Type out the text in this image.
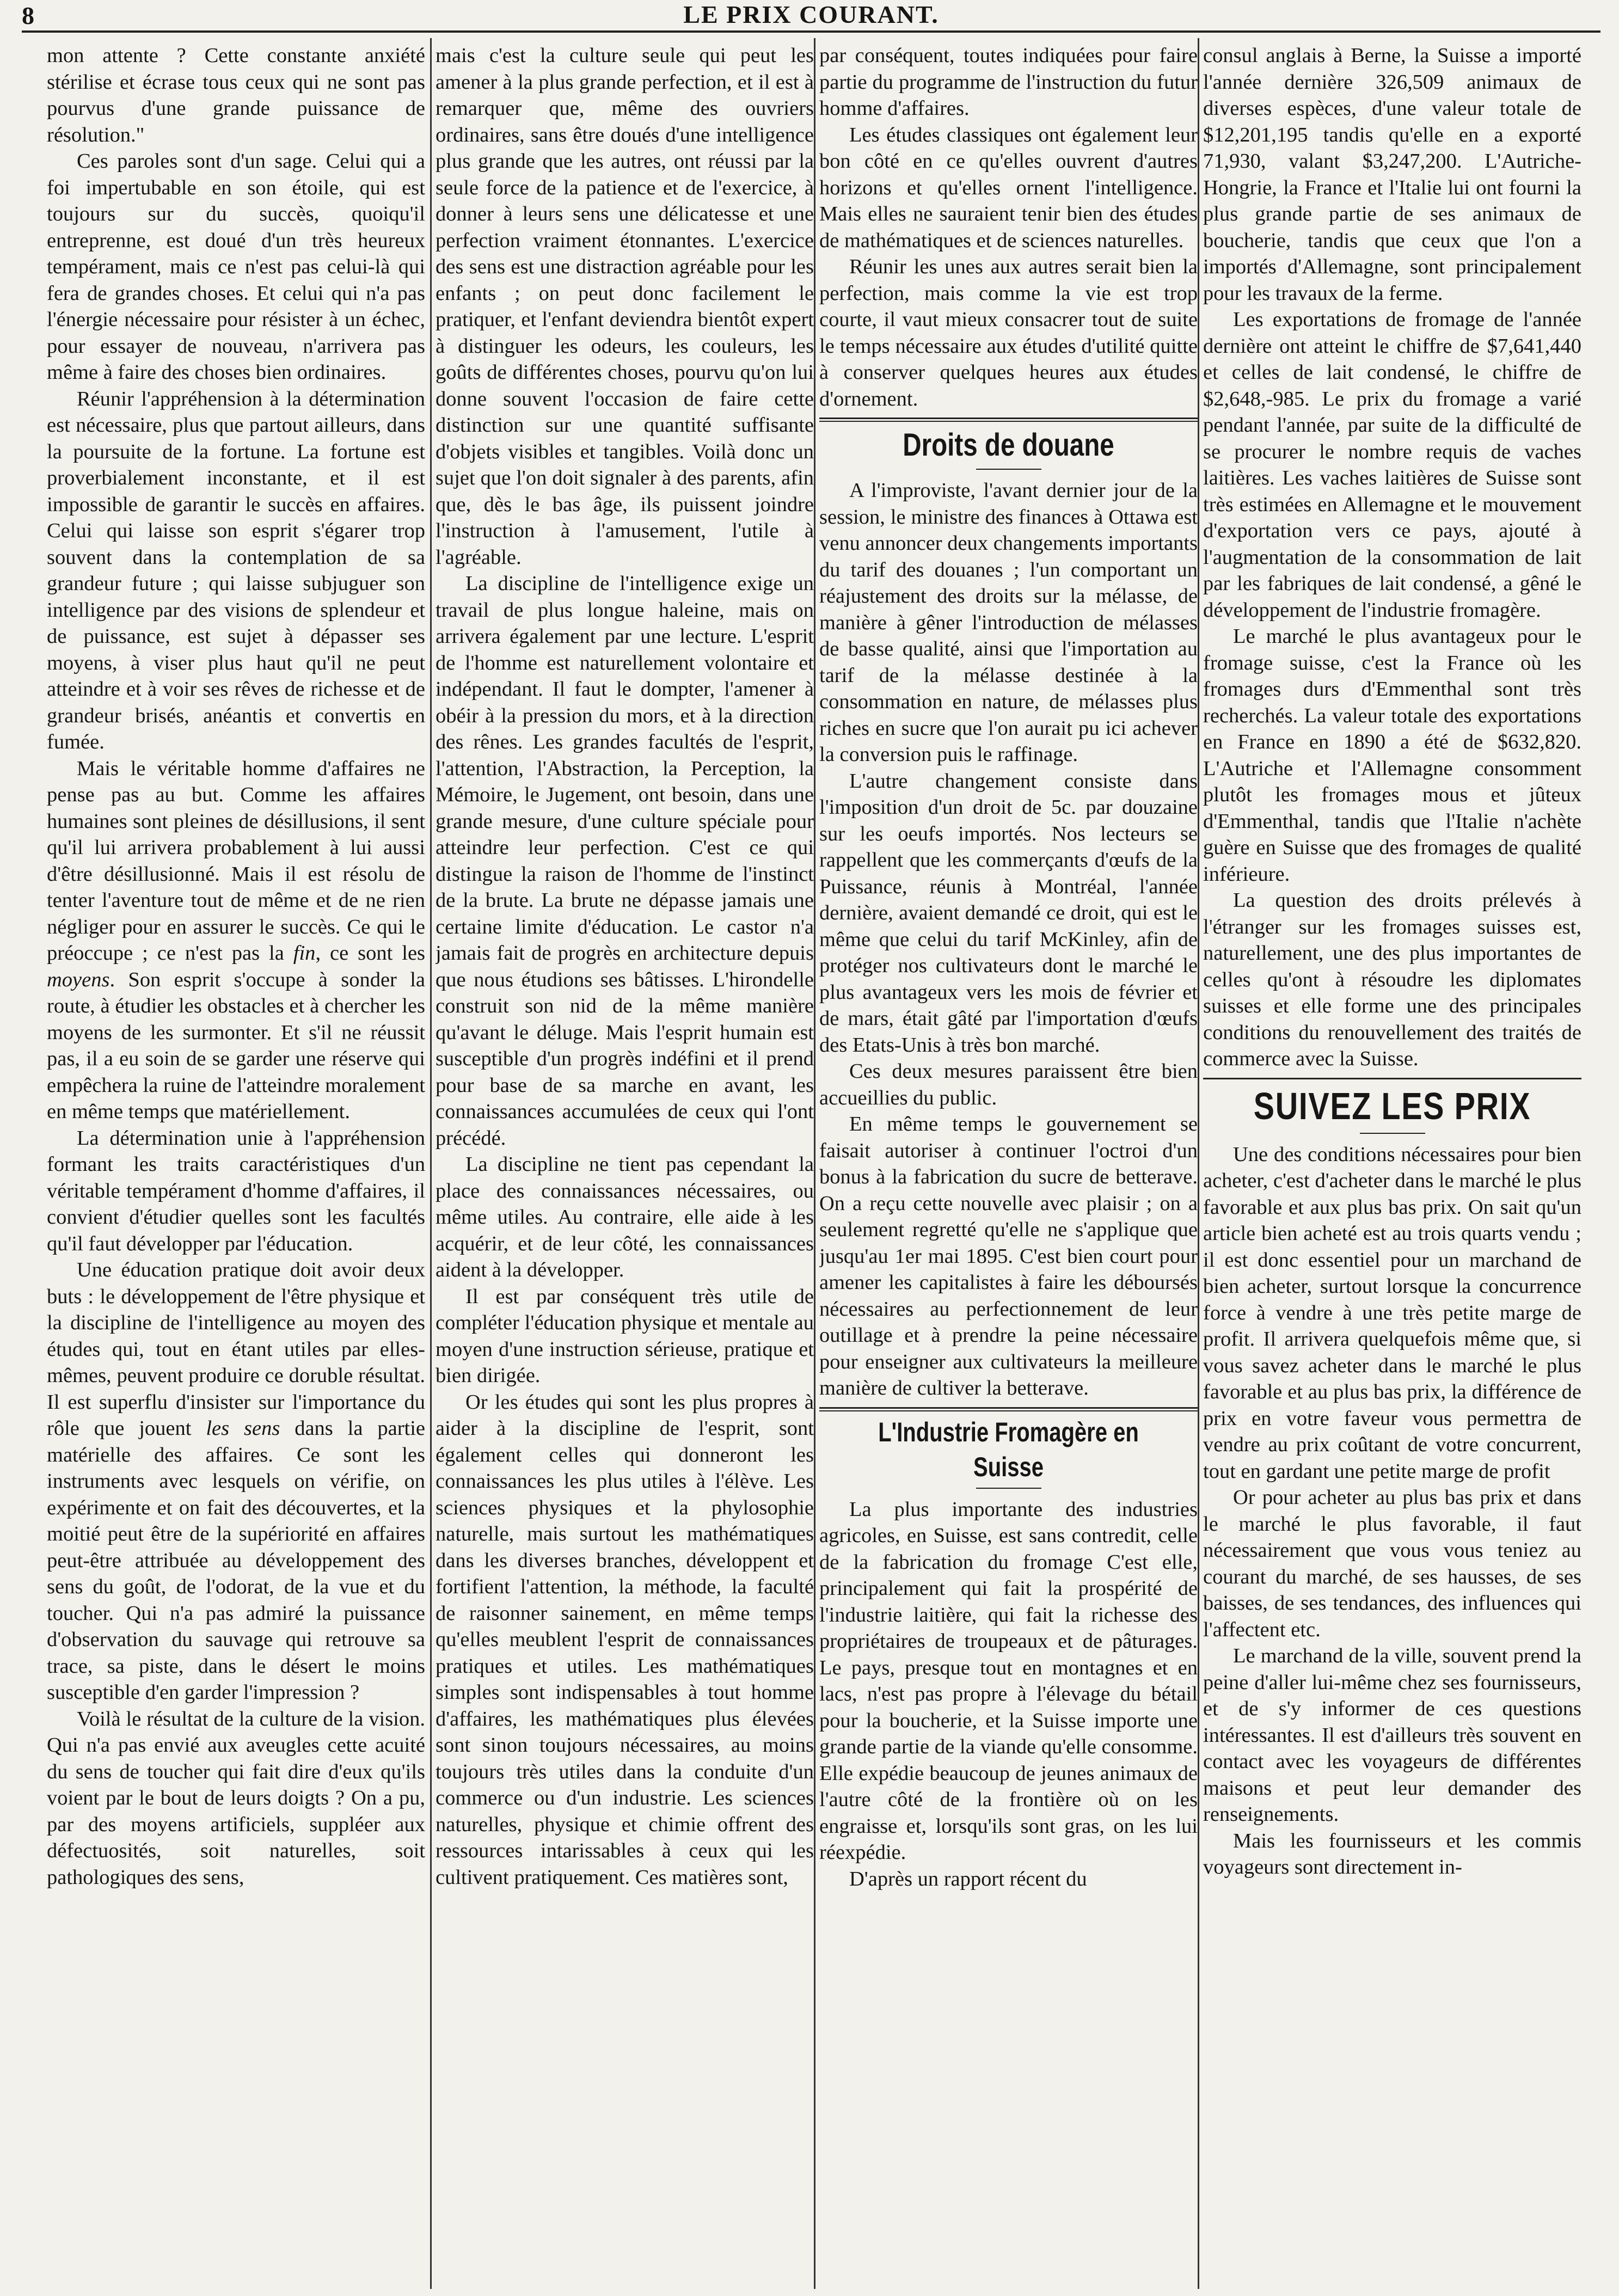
8	LE PRIX COURANT.

mon attente ? Cette constante anxiété stérilise et écrase tous ceux qui ne sont pas pourvus d'une grande puissance de résolution."

Ces paroles sont d'un sage. Celui qui a foi impertubable en son étoile, qui est toujours sur du succès, quoiqu'il entreprenne, est doué d'un très heureux tempérament, mais ce n'est pas celui-là qui fera de grandes choses. Et celui qui n'a pas l'énergie nécessaire pour résister à un échec, pour essayer de nouveau, n'arrivera pas même à faire des choses bien ordinaires.

Réunir l'appréhension à la détermination est nécessaire, plus que partout ailleurs, dans la poursuite de la fortune. La fortune est proverbialement inconstante, et il est impossible de garantir le succès en affaires. Celui qui laisse son esprit s'égarer trop souvent dans la contemplation de sa grandeur future ; qui laisse subjuguer son intelligence par des visions de splendeur et de puissance, est sujet à dépasser ses moyens, à viser plus haut qu'il ne peut atteindre et à voir ses rêves de richesse et de grandeur brisés, anéantis et convertis en fumée.

Mais le véritable homme d'affaires ne pense pas au but. Comme les affaires humaines sont pleines de désillusions, il sent qu'il lui arrivera probablement à lui aussi d'être désillusionné. Mais il est résolu de tenter l'aventure tout de même et de ne rien négliger pour en assurer le succès. Ce qui le préoccupe ; ce n'est pas la fin, ce sont les moyens. Son esprit s'occupe à sonder la route, à étudier les obstacles et à chercher les moyens de les surmonter. Et s'il ne réussit pas, il a eu soin de se garder une réserve qui empêchera la ruine de l'atteindre moralement en même temps que matériellement.

La détermination unie à l'appréhension formant les traits caractéristiques d'un véritable tempérament d'homme d'affaires, il convient d'étudier quelles sont les facultés qu'il faut développer par l'éducation.

Une éducation pratique doit avoir deux buts : le développement de l'être physique et la discipline de l'intelligence au moyen des études qui, tout en étant utiles par elles-mêmes, peuvent produire ce doruble résultat. Il est superflu d'insister sur l'importance du rôle que jouent les sens dans la partie matérielle des affaires. Ce sont les instruments avec lesquels on vérifie, on expérimente et on fait des découvertes, et la moitié peut être de la supériorité en affaires peut-être attribuée au développement des sens du goût, de l'odorat, de la vue et du toucher. Qui n'a pas admiré la puissance d'observation du sauvage qui retrouve sa trace, sa piste, dans le désert le moins susceptible d'en garder l'impression ?

Voilà le résultat de la culture de la vision. Qui n'a pas envié aux aveugles cette acuité du sens de toucher qui fait dire d'eux qu'ils voient par le bout de leurs doigts ? On a pu, par des moyens artificiels, suppléer aux défectuosités, soit naturelles, soit pathologiques des sens,

mais c'est la culture seule qui peut les amener à la plus grande perfection, et il est à remarquer que, même des ouvriers ordinaires, sans être doués d'une intelligence plus grande que les autres, ont réussi par la seule force de la patience et de l'exercice, à donner à leurs sens une délicatesse et une perfection vraiment étonnantes. L'exercice des sens est une distraction agréable pour les enfants ; on peut donc facilement le pratiquer, et l'enfant deviendra bientôt expert à distinguer les odeurs, les couleurs, les goûts de différentes choses, pourvu qu'on lui donne souvent l'occasion de faire cette distinction sur une quantité suffisante d'objets visibles et tangibles. Voilà donc un sujet que l'on doit signaler à des parents, afin que, dès le bas âge, ils puissent joindre l'instruction à l'amusement, l'utile à l'agréable.

La discipline de l'intelligence exige un travail de plus longue haleine, mais on arrivera également par une lecture. L'esprit de l'homme est naturellement volontaire et indépendant. Il faut le dompter, l'amener à obéir à la pression du mors, et à la direction des rênes. Les grandes facultés de l'esprit, l'attention, l'Abstraction, la Perception, la Mémoire, le Jugement, ont besoin, dans une grande mesure, d'une culture spéciale pour atteindre leur perfection. C'est ce qui distingue la raison de l'homme de l'instinct de la brute. La brute ne dépasse jamais une certaine limite d'éducation. Le castor n'a jamais fait de progrès en architecture depuis que nous étudions ses bâtisses. L'hirondelle construit son nid de la même manière qu'avant le déluge. Mais l'esprit humain est susceptible d'un progrès indéfini et il prend pour base de sa marche en avant, les connaissances accumulées de ceux qui l'ont précédé.

La discipline ne tient pas cependant la place des connaissances nécessaires, ou même utiles. Au contraire, elle aide à les acquérir, et de leur côté, les connaissances aident à la développer.

Il est par conséquent très utile de compléter l'éducation physique et mentale au moyen d'une instruction sérieuse, pratique et bien dirigée.

Or les études qui sont les plus propres à aider à la discipline de l'esprit, sont également celles qui donneront les connaissances les plus utiles à l'élève. Les sciences physiques et la phylosophie naturelle, mais surtout les mathématiques dans les diverses branches, développent et fortifient l'attention, la méthode, la faculté de raisonner sainement, en même temps qu'elles meublent l'esprit de connaissances pratiques et utiles. Les mathématiques simples sont indispensables à tout homme d'affaires, les mathématiques plus élevées sont sinon toujours nécessaires, au moins toujours très utiles dans la conduite d'un commerce ou d'un industrie. Les sciences naturelles, physique et chimie offrent des ressources intarissables à ceux qui les cultivent pratiquement. Ces matières sont,

par conséquent, toutes indiquées pour faire partie du programme de l'instruction du futur homme d'affaires.

Les études classiques ont également leur bon côté en ce qu'elles ouvrent d'autres horizons et qu'elles ornent l'intelligence. Mais elles ne sauraient tenir bien des études de mathématiques et de sciences naturelles.

Réunir les unes aux autres serait bien la perfection, mais comme la vie est trop courte, il vaut mieux consacrer tout de suite le temps nécessaire aux études d'utilité quitte à conserver quelques heures aux études d'ornement.

Droits de douane

A l'improviste, l'avant dernier jour de la session, le ministre des finances à Ottawa est venu annoncer deux changements importants du tarif des douanes ; l'un comportant un réajustement des droits sur la mélasse, de manière à gêner l'introduction de mélasses de basse qualité, ainsi que l'importation au tarif de la mélasse destinée à la consommation en nature, de mélasses plus riches en sucre que l'on aurait pu ici achever la conversion puis le raffinage.

L'autre changement consiste dans l'imposition d'un droit de 5c. par douzaine sur les oeufs importés. Nos lecteurs se rappellent que les commerçants d'œufs de la Puissance, réunis à Montréal, l'année dernière, avaient demandé ce droit, qui est le même que celui du tarif McKinley, afin de protéger nos cultivateurs dont le marché le plus avantageux vers les mois de février et de mars, était gâté par l'importation d'œufs des Etats-Unis à très bon marché.

Ces deux mesures paraissent être bien accueillies du public.

En même temps le gouvernement se faisait autoriser à continuer l'octroi d'un bonus à la fabrication du sucre de betterave. On a reçu cette nouvelle avec plaisir ; on a seulement regretté qu'elle ne s'applique que jusqu'au 1er mai 1895. C'est bien court pour amener les capitalistes à faire les déboursés nécessaires au perfectionnement de leur outillage et à prendre la peine nécessaire pour enseigner aux cultivateurs la meilleure manière de cultiver la betterave.

L'Industrie Fromagère en Suisse

La plus importante des industries agricoles, en Suisse, est sans contredit, celle de la fabrication du fromage C'est elle, principalement qui fait la prospérité de l'industrie laitière, qui fait la richesse des propriétaires de troupeaux et de pâturages. Le pays, presque tout en montagnes et en lacs, n'est pas propre à l'élevage du bétail pour la boucherie, et la Suisse importe une grande partie de la viande qu'elle consomme. Elle expédie beaucoup de jeunes animaux de l'autre côté de la frontière où on les engraisse et, lorsqu'ils sont gras, on les lui réexpédie.

D'après un rapport récent du

consul anglais à Berne, la Suisse a importé l'année dernière 326,509 animaux de diverses espèces, d'une valeur totale de $12,201,195 tandis qu'elle en a exporté 71,930, valant $3,247,200. L'Autriche-Hongrie, la France et l'Italie lui ont fourni la plus grande partie de ses animaux de boucherie, tandis que ceux que l'on a importés d'Allemagne, sont principalement pour les travaux de la ferme.

Les exportations de fromage de l'année dernière ont atteint le chiffre de $7,641,440 et celles de lait condensé, le chiffre de $2,648,-985. Le prix du fromage a varié pendant l'année, par suite de la difficulté de se procurer le nombre requis de vaches laitières. Les vaches laitières de Suisse sont très estimées en Allemagne et le mouvement d'exportation vers ce pays, ajouté à l'augmentation de la consommation de lait par les fabriques de lait condensé, a gêné le développement de l'industrie fromagère.

Le marché le plus avantageux pour le fromage suisse, c'est la France où les fromages durs d'Emmenthal sont très recherchés. La valeur totale des exportations en France en 1890 a été de $632,820. L'Autriche et l'Allemagne consomment plutôt les fromages mous et jûteux d'Emmenthal, tandis que l'Italie n'achète guère en Suisse que des fromages de qualité inférieure.

La question des droits prélevés à l'étranger sur les fromages suisses est, naturellement, une des plus importantes de celles qu'ont à résoudre les diplomates suisses et elle forme une des principales conditions du renouvellement des traités de commerce avec la Suisse.

SUIVEZ LES PRIX

Une des conditions nécessaires pour bien acheter, c'est d'acheter dans le marché le plus favorable et aux plus bas prix. On sait qu'un article bien acheté est au trois quarts vendu ; il est donc essentiel pour un marchand de bien acheter, surtout lorsque la concurrence force à vendre à une très petite marge de profit. Il arrivera quelquefois même que, si vous savez acheter dans le marché le plus favorable et au plus bas prix, la différence de prix en votre faveur vous permettra de vendre au prix coûtant de votre concurrent, tout en gardant une petite marge de profit

Or pour acheter au plus bas prix et dans le marché le plus favorable, il faut nécessairement que vous vous teniez au courant du marché, de ses hausses, de ses baisses, de ses tendances, des influences qui l'affectent etc.

Le marchand de la ville, souvent prend la peine d'aller lui-même chez ses fournisseurs, et de s'y informer de ces questions intéressantes. Il est d'ailleurs très souvent en contact avec les voyageurs de différentes maisons et peut leur demander des renseignements.

Mais les fournisseurs et les commis voyageurs sont directement in-
